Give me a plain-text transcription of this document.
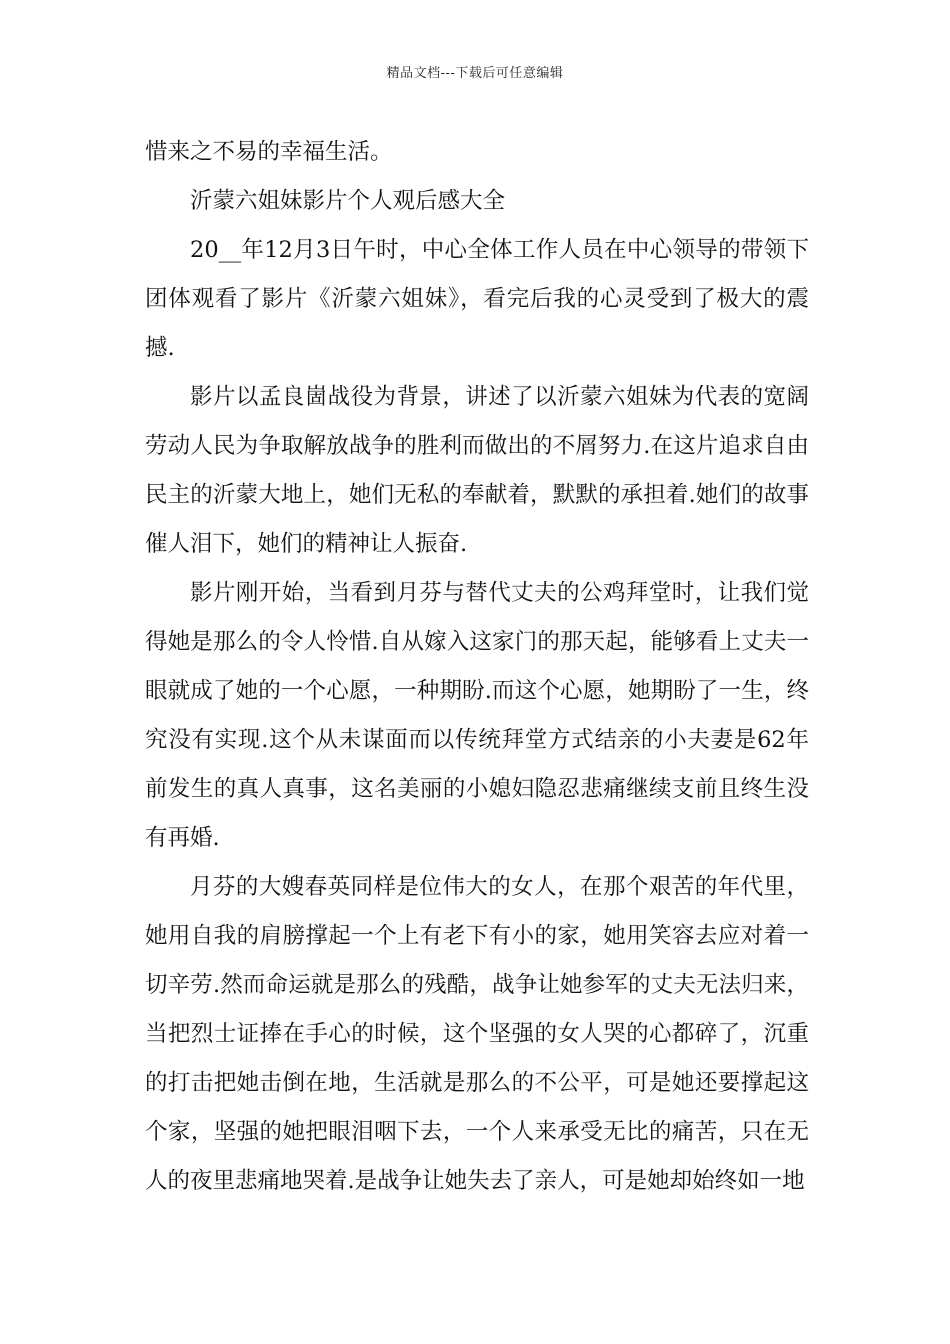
精品文档---下载后可任意编辑

惜来之不易的幸福生活。

沂蒙六姐妹影片个人观后感大全

20__年12月3日午时，中心全体工作人员在中心领导的带领下团体观看了影片《沂蒙六姐妹》，看完后我的心灵受到了极大的震撼.

影片以孟良崮战役为背景，讲述了以沂蒙六姐妹为代表的宽阔劳动人民为争取解放战争的胜利而做出的不屑努力.在这片追求自由民主的沂蒙大地上，她们无私的奉献着，默默的承担着.她们的故事催人泪下，她们的精神让人振奋.

影片刚开始，当看到月芬与替代丈夫的公鸡拜堂时，让我们觉得她是那么的令人怜惜.自从嫁入这家门的那天起，能够看上丈夫一眼就成了她的一个心愿，一种期盼.而这个心愿，她期盼了一生，终究没有实现.这个从未谋面而以传统拜堂方式结亲的小夫妻是62年前发生的真人真事，这名美丽的小媳妇隐忍悲痛继续支前且终生没有再婚.

月芬的大嫂春英同样是位伟大的女人，在那个艰苦的年代里，她用自我的肩膀撑起一个上有老下有小的家，她用笑容去应对着一切辛劳.然而命运就是那么的残酷，战争让她参军的丈夫无法归来，当把烈士证捧在手心的时候，这个坚强的女人哭的心都碎了，沉重的打击把她击倒在地，生活就是那么的不公平，可是她还要撑起这个家，坚强的她把眼泪咽下去，一个人来承受无比的痛苦，只在无人的夜里悲痛地哭着.是战争让她失去了亲人，可是她却始终如一地
